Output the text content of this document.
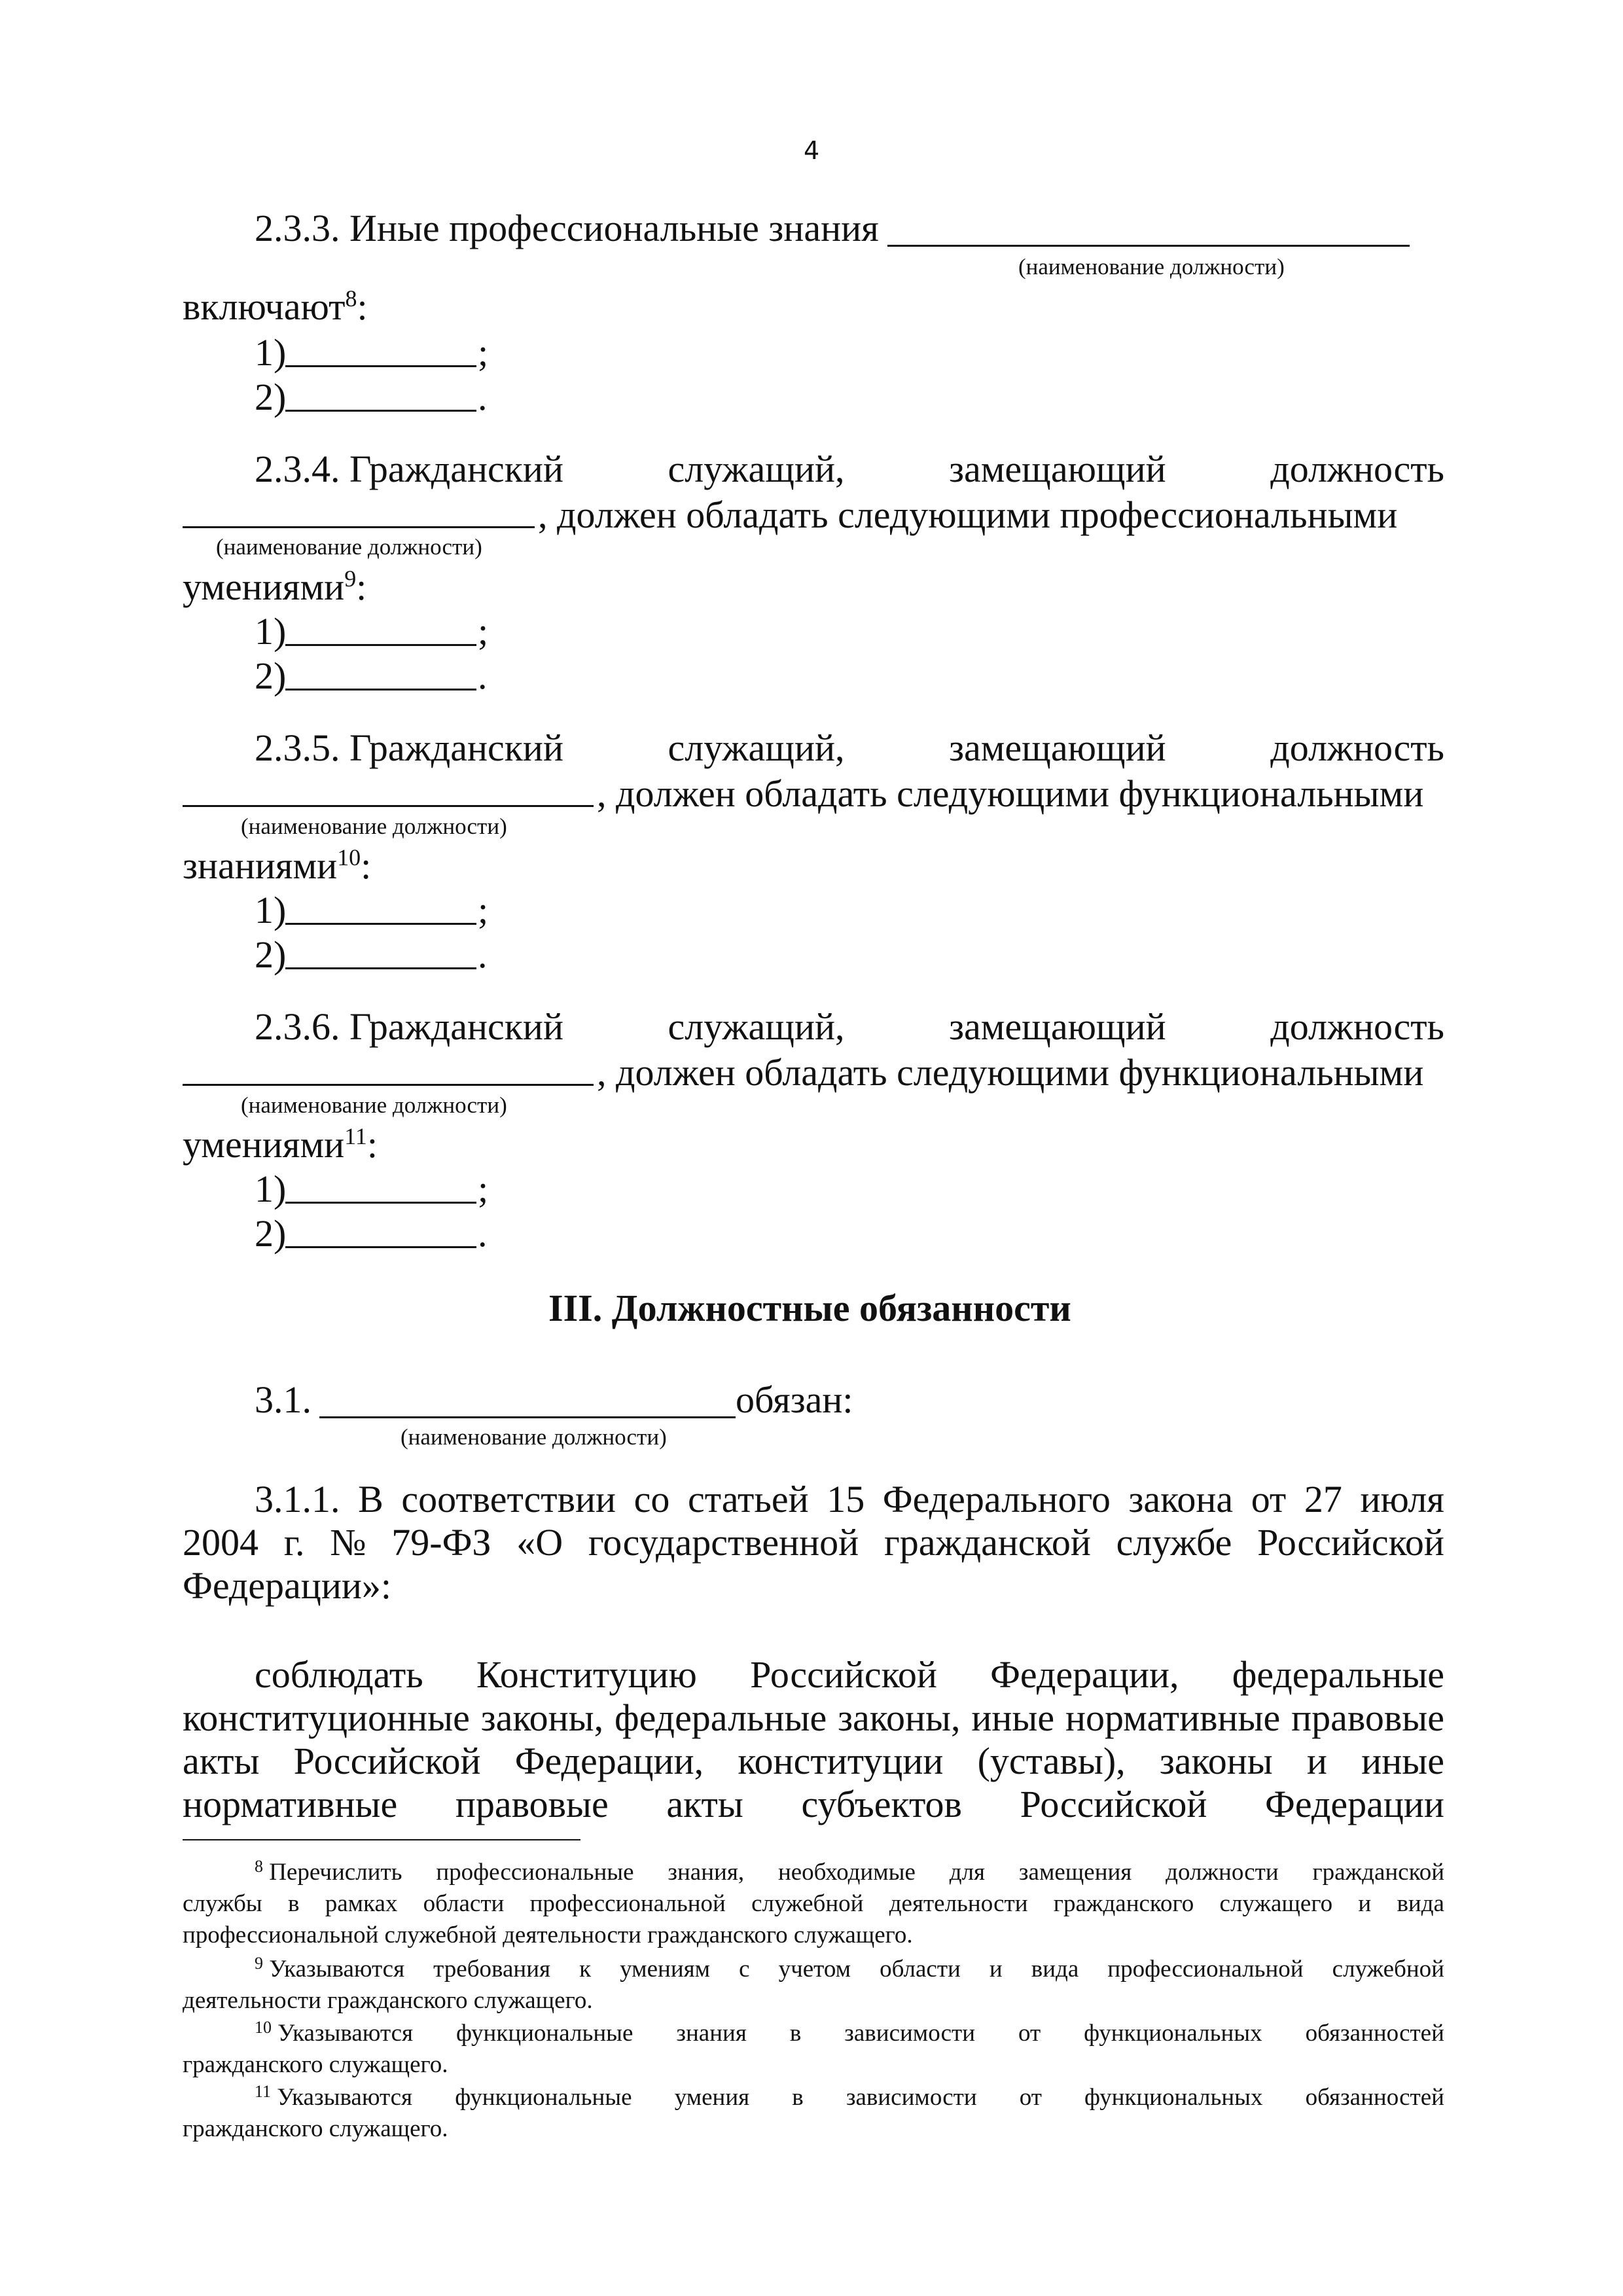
4
2.3.3. Иные профессиональные знания
(наименование должности)
включают$^8$:
1)	;
2)	.
2.3.4. Гражданский	служащий,	замещающий	должность
, должен обладать следующими профессиональными
(наименование должности)
умениями$^9$:
1)	;
2)	.
2.3.5. Гражданский	служащий,	замещающий	должность
, должен обладать следующими функциональными
(наименование должности)
знаниями$^{10}$:
1)	;
2)	.
2.3.6. Гражданский	служащий,	замещающий	должность
, должен обладать следующими функциональными
(наименование должности)
умениями$^{11}$:
1)	;
2)	.
III. Должностные обязанности
3.1.	обязан:
(наименование должности)
3.1.1. В соответствии со статьей 15 Федерального закона от 27 июля
2004 г. № 79-ФЗ «О государственной гражданской службе Российской
Федерации»:
соблюдать Конституцию Российской Федерации, федеральные
конституционные законы, федеральные законы, иные нормативные правовые
акты Российской Федерации, конституции (уставы), законы и иные
нормативные правовые акты субъектов Российской Федерации
$^8$ Перечислить профессиональные знания, необходимые для замещения должности гражданской
службы в рамках области профессиональной служебной деятельности гражданского служащего и вида
профессиональной служебной деятельности гражданского служащего.
$^9$ Указываются требования к умениям с учетом области и вида профессиональной служебной
деятельности гражданского служащего.
$^{10}$ Указываются функциональные знания в зависимости от функциональных обязанностей
гражданского служащего.
$^{11}$ Указываются функциональные умения в зависимости от функциональных обязанностей
гражданского служащего.
